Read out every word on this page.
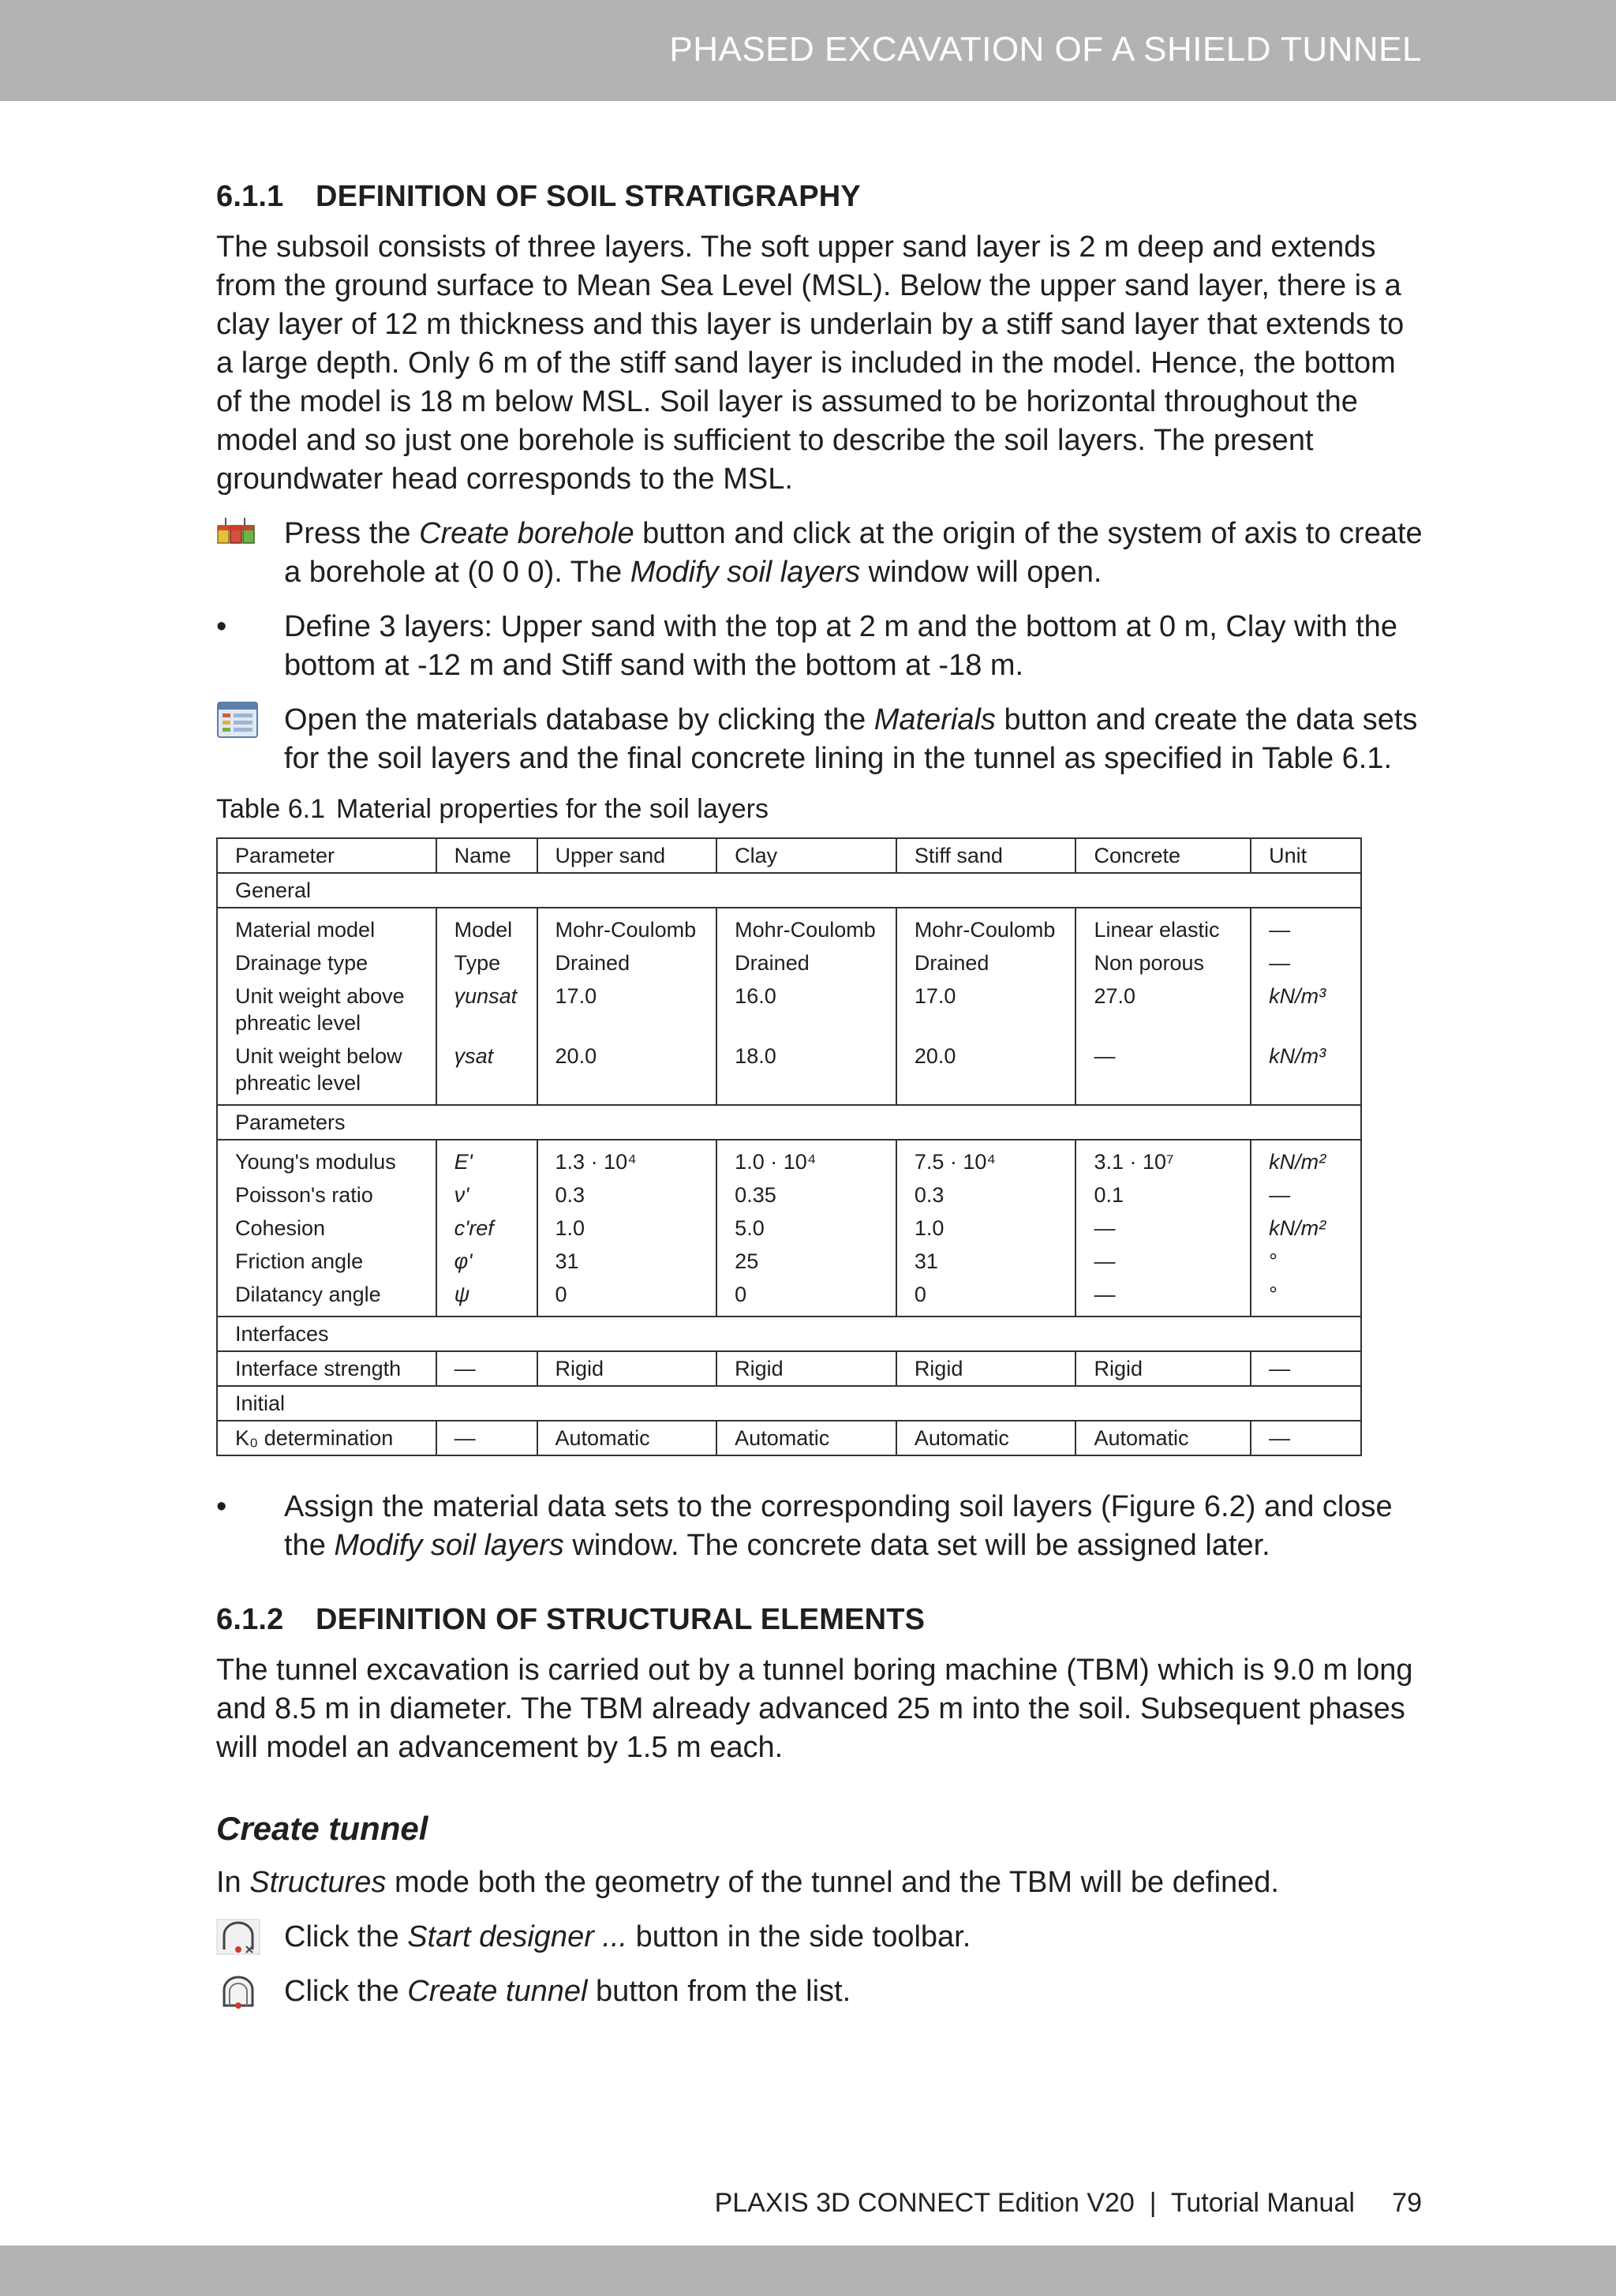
PHASED EXCAVATION OF A SHIELD TUNNEL
6.1.1 DEFINITION OF SOIL STRATIGRAPHY

The subsoil consists of three layers. The soft upper sand layer is 2 m deep and extends from the ground surface to Mean Sea Level (MSL). Below the upper sand layer, there is a clay layer of 12 m thickness and this layer is underlain by a stiff sand layer that extends to a large depth. Only 6 m of the stiff sand layer is included in the model. Hence, the bottom of the model is 18 m below MSL. Soil layer is assumed to be horizontal throughout the model and so just one borehole is sufficient to describe the soil layers. The present groundwater head corresponds to the MSL.

Press the Create borehole button and click at the origin of the system of axis to create a borehole at (0 0 0). The Modify soil layers window will open.
• Define 3 layers: Upper sand with the top at 2 m and the bottom at 0 m, Clay with the bottom at -12 m and Stiff sand with the bottom at -18 m.
Open the materials database by clicking the Materials button and create the data sets for the soil layers and the final concrete lining in the tunnel as specified in Table 6.1.
Table 6.1 Material properties for the soil layers
Parameter	Name	Upper sand	Clay	Stiff sand	Concrete	Unit
General						
Material model	Model	Mohr-Coulomb	Mohr-Coulomb	Mohr-Coulomb	Linear elastic	—
Drainage type	Type	Drained	Drained	Drained	Non porous	—
Unit weight above phreatic level	γunsat	17.0	16.0	17.0	27.0	kN/m³
Unit weight below phreatic level	γsat	20.0	18.0	20.0	—	kN/m³
Parameters						
Young's modulus	E'	1.3 · 10⁴	1.0 · 10⁴	7.5 · 10⁴	3.1 · 10⁷	kN/m²
Poisson's ratio	ν'	0.3	0.35	0.3	0.1	—
Cohesion	c'ref	1.0	5.0	1.0	—	kN/m²
Friction angle	φ'	31	25	31	—	°
Dilatancy angle	ψ	0	0	0	—	°
Interfaces						
Interface strength	—	Rigid	Rigid	Rigid	Rigid	—
Initial						
K₀ determination	—	Automatic	Automatic	Automatic	Automatic	—
• Assign the material data sets to the corresponding soil layers (Figure 6.2) and close the Modify soil layers window. The concrete data set will be assigned later.
6.1.2 DEFINITION OF STRUCTURAL ELEMENTS

The tunnel excavation is carried out by a tunnel boring machine (TBM) which is 9.0 m long and 8.5 m in diameter. The TBM already advanced 25 m into the soil. Subsequent phases will model an advancement by 1.5 m each.

Create tunnel

In Structures mode both the geometry of the tunnel and the TBM will be defined.

Click the Start designer ... button in the side toolbar.
Click the Create tunnel button from the list.
PLAXIS 3D CONNECT Edition V20 | Tutorial Manual 79
